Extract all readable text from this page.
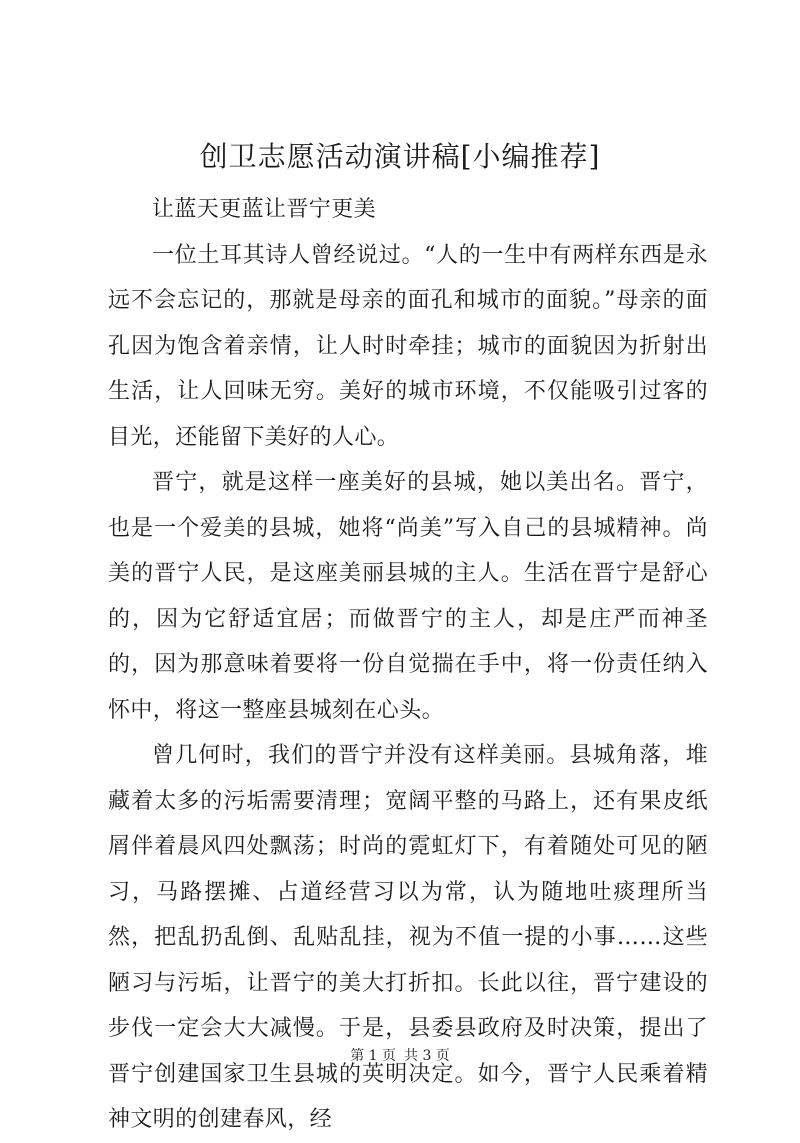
创卫志愿活动演讲稿[小编推荐]

让蓝天更蓝让晋宁更美

一位土耳其诗人曾经说过。“人的一生中有两样东西是永远不会忘记的，那就是母亲的面孔和城市的面貌。”母亲的面孔因为饱含着亲情，让人时时牵挂；城市的面貌因为折射出生活，让人回味无穷。美好的城市环境，不仅能吸引过客的目光，还能留下美好的人心。

晋宁，就是这样一座美好的县城，她以美出名。晋宁，也是一个爱美的县城，她将“尚美”写入自己的县城精神。尚美的晋宁人民，是这座美丽县城的主人。生活在晋宁是舒心的，因为它舒适宜居；而做晋宁的主人，却是庄严而神圣的，因为那意味着要将一份自觉揣在手中，将一份责任纳入怀中，将这一整座县城刻在心头。

曾几何时，我们的晋宁并没有这样美丽。县城角落，堆藏着太多的污垢需要清理；宽阔平整的马路上，还有果皮纸屑伴着晨风四处飘荡；时尚的霓虹灯下，有着随处可见的陋习，马路摆摊、占道经营习以为常，认为随地吐痰理所当然，把乱扔乱倒、乱贴乱挂，视为不值一提的小事……这些陋习与污垢，让晋宁的美大打折扣。长此以往，晋宁建设的步伐一定会大大减慢。于是，县委县政府及时决策，提出了晋宁创建国家卫生县城的英明决定。如今，晋宁人民乘着精神文明的创建春风，经

第 1 页 共 3 页
